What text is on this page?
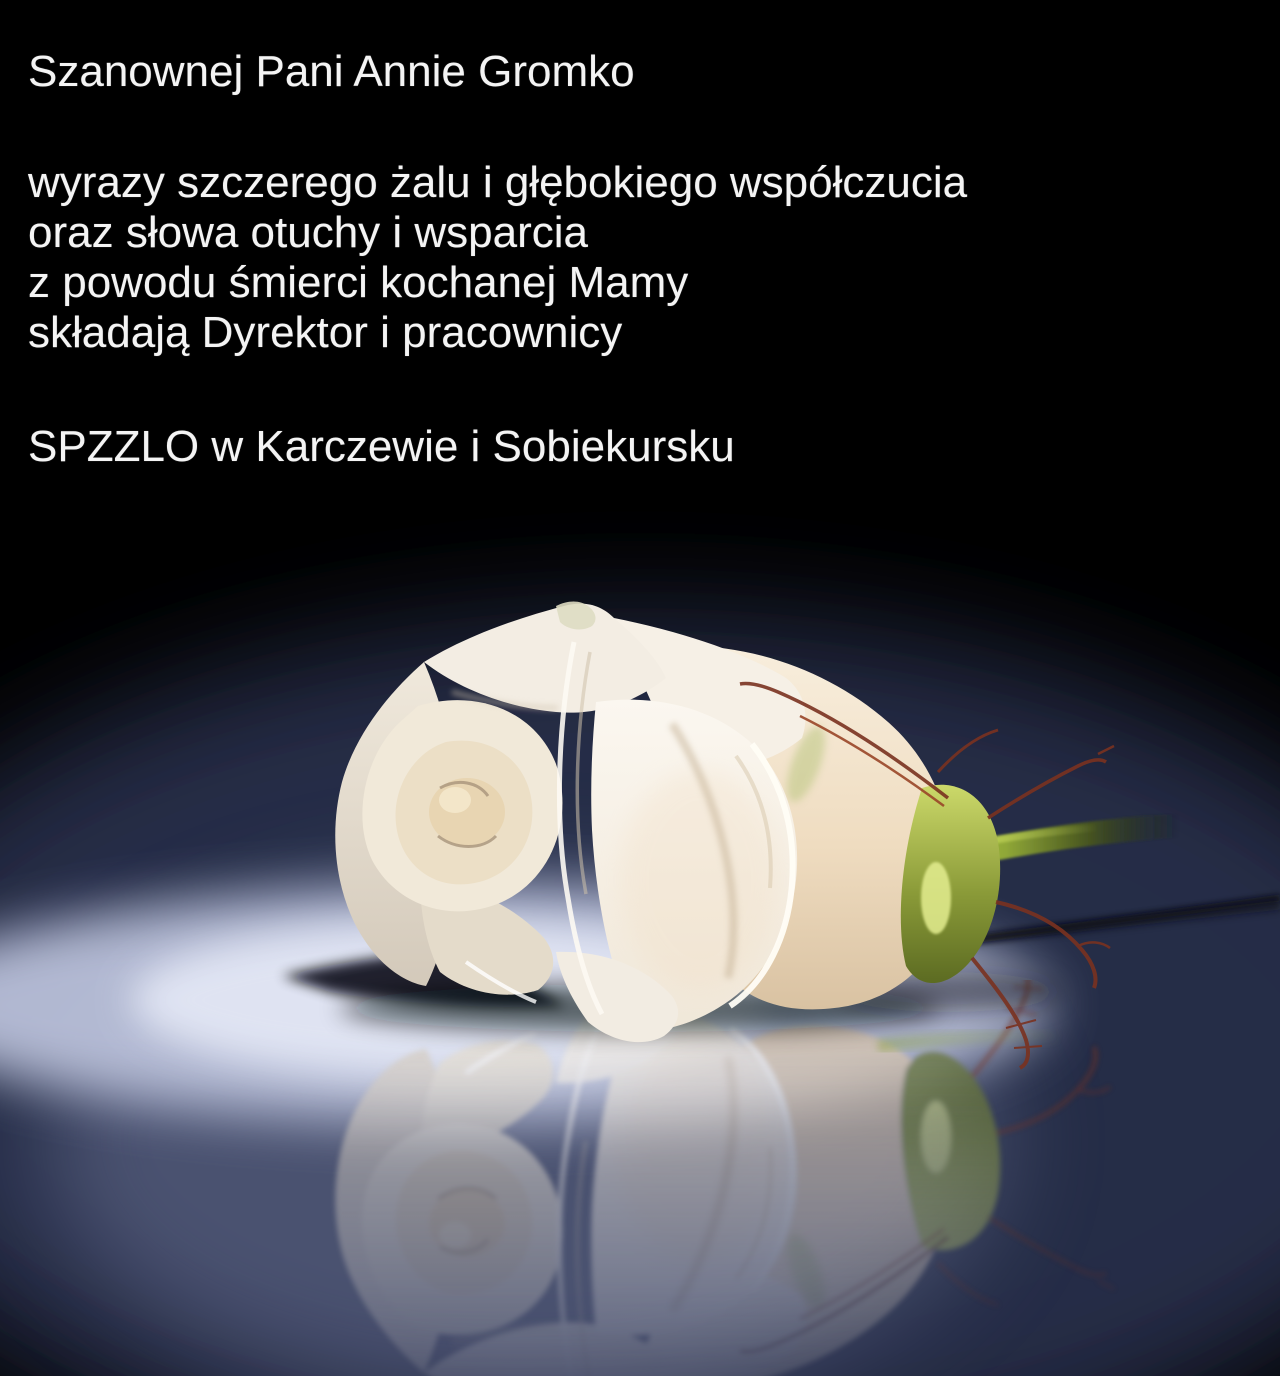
Szanownej Pani Annie Gromko
wyrazy szczerego żalu i głębokiego współczucia
oraz słowa otuchy i wsparcia
z powodu śmierci kochanej Mamy
składają Dyrektor i pracownicy
SPZZLO w Karczewie i Sobiekursku
